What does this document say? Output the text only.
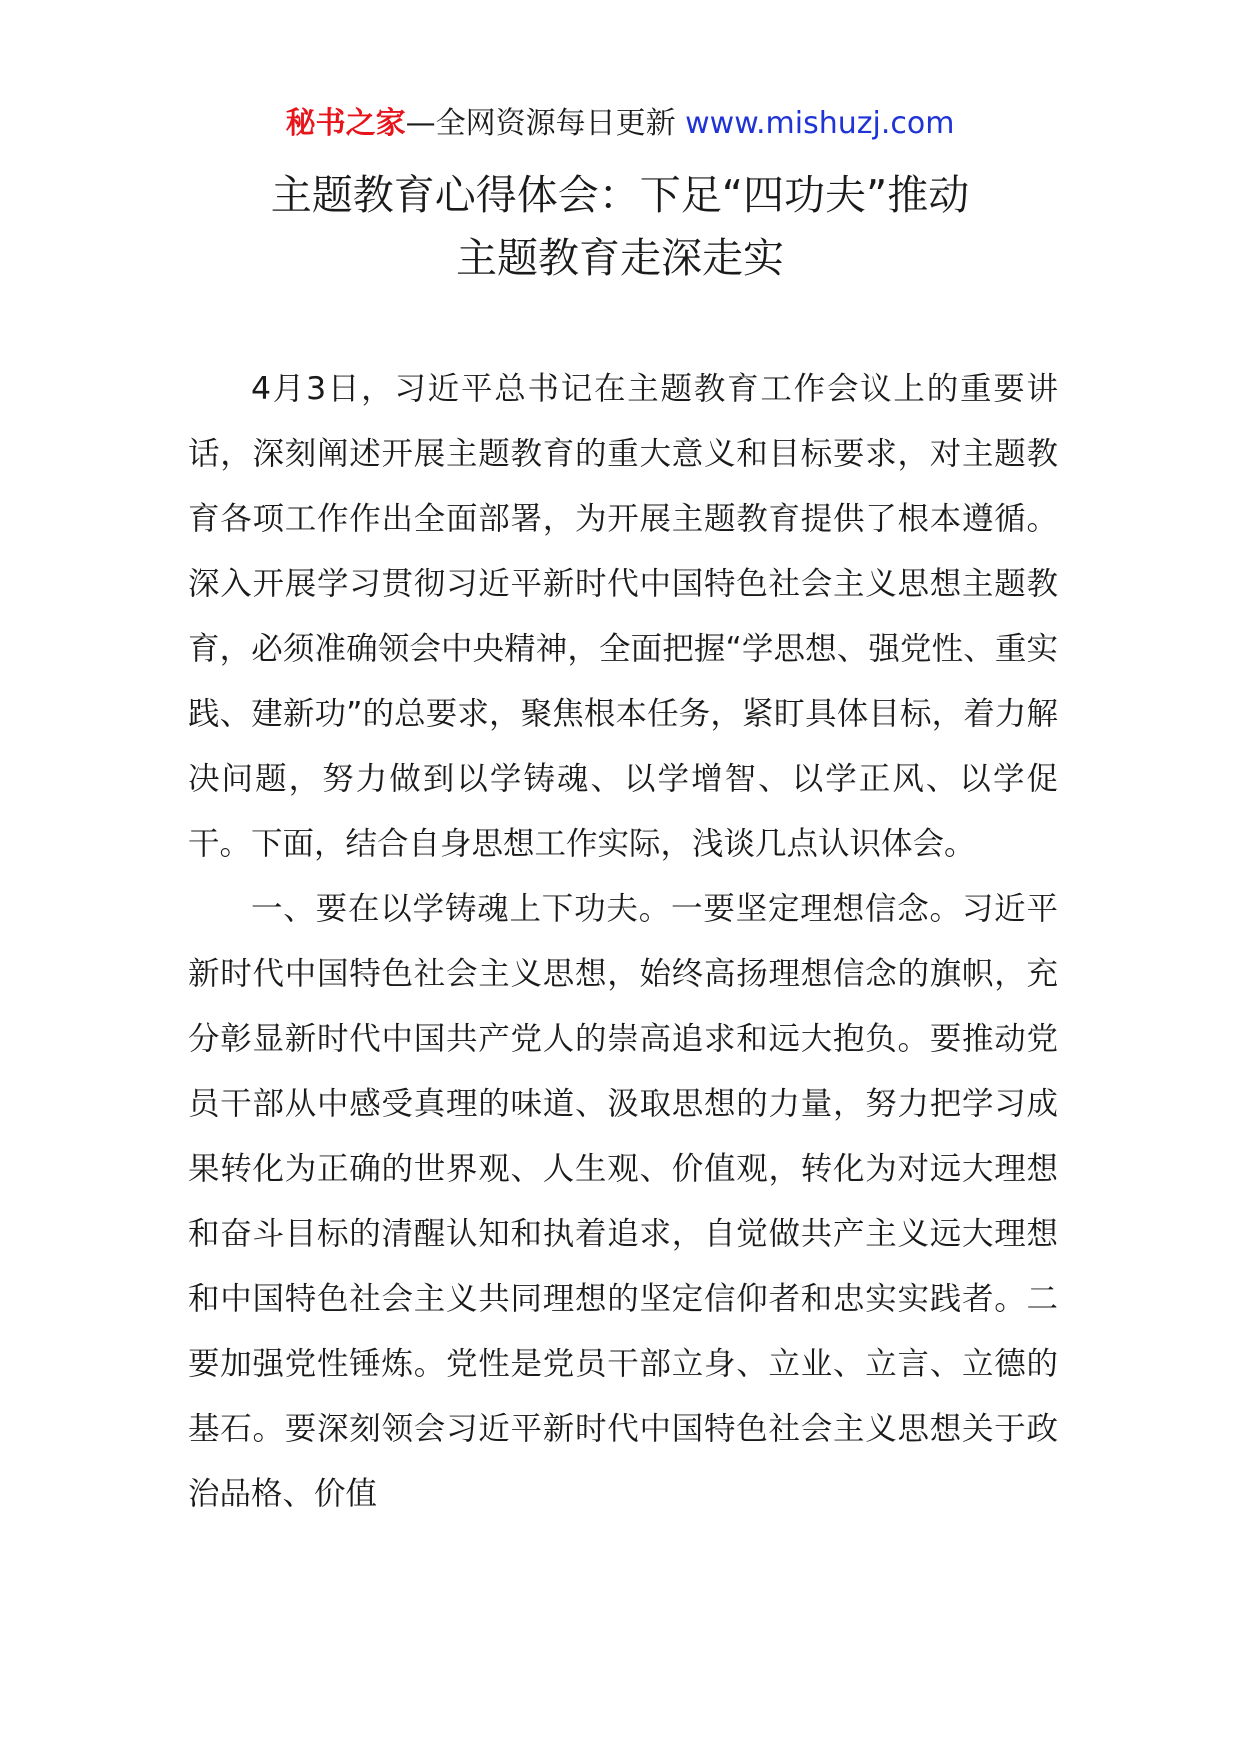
秘书之家—全网资源每日更新 www.mishuzj.com
主题教育心得体会：下足“四功夫”推动
主题教育走深走实

4月3日，习近平总书记在主题教育工作会议上的重要讲话，深刻阐述开展主题教育的重大意义和目标要求，对主题教育各项工作作出全面部署，为开展主题教育提供了根本遵循。深入开展学习贯彻习近平新时代中国特色社会主义思想主题教育，必须准确领会中央精神，全面把握“学思想、强党性、重实践、建新功”的总要求，聚焦根本任务，紧盯具体目标，着力解决问题，努力做到以学铸魂、以学增智、以学正风、以学促干。下面，结合自身思想工作实际，浅谈几点认识体会。

一、要在以学铸魂上下功夫。一要坚定理想信念。习近平新时代中国特色社会主义思想，始终高扬理想信念的旗帜，充分彰显新时代中国共产党人的崇高追求和远大抱负。要推动党员干部从中感受真理的味道、汲取思想的力量，努力把学习成果转化为正确的世界观、人生观、价值观，转化为对远大理想和奋斗目标的清醒认知和执着追求，自觉做共产主义远大理想和中国特色社会主义共同理想的坚定信仰者和忠实实践者。二要加强党性锤炼。党性是党员干部立身、立业、立言、立德的基石。要深刻领会习近平新时代中国特色社会主义思想关于政治品格、价值
